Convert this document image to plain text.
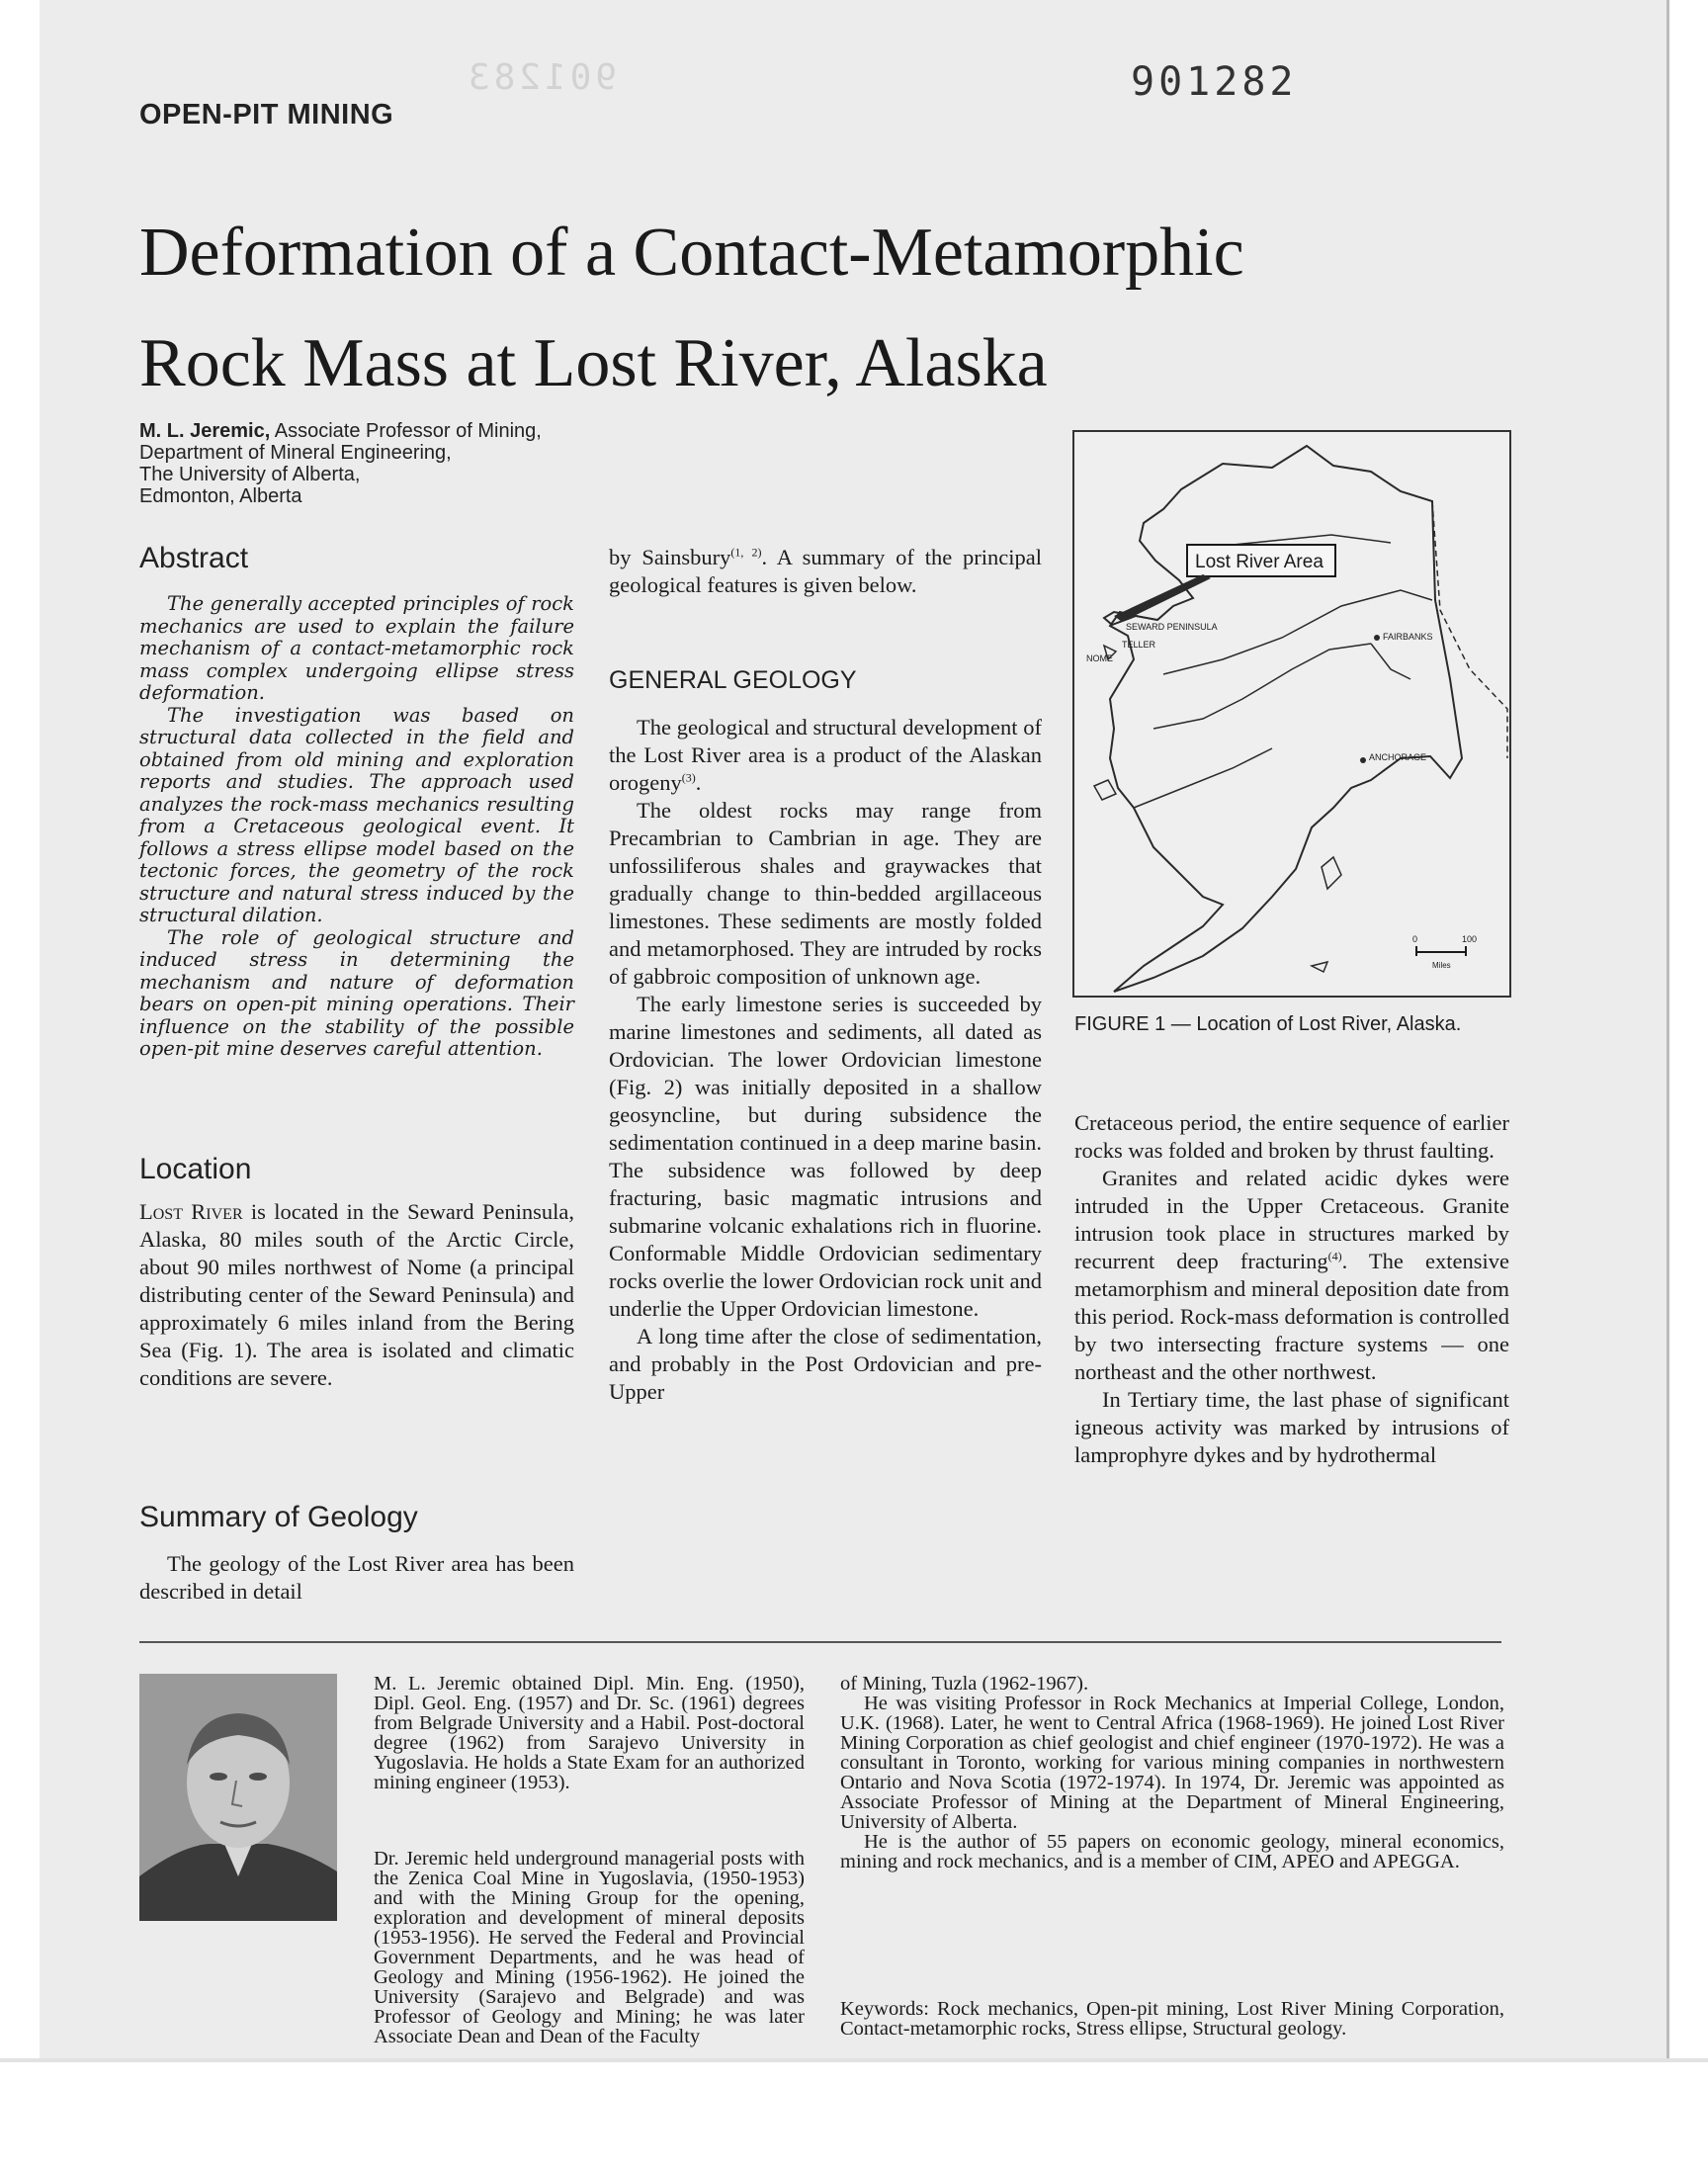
901283
OPEN-PIT MINING
901282
Deformation of a Contact-Metamorphic
Rock Mass at Lost River, Alaska
M. L. Jeremic, Associate Professor of Mining,
Department of Mineral Engineering,
The University of Alberta,
Edmonton, Alberta
Abstract

The generally accepted principles of rock mechanics are used to explain the failure mechanism of a contact-metamorphic rock mass complex undergoing ellipse stress deformation.

The investigation was based on structural data collected in the field and obtained from old mining and exploration reports and studies. The approach used analyzes the rock-mass mechanics resulting from a Cretaceous geological event. It follows a stress ellipse model based on the tectonic forces, the geometry of the rock structure and natural stress induced by the structural dilation.

The role of geological structure and induced stress in determining the mechanism and nature of deformation bears on open-pit mining operations. Their influence on the stability of the possible open-pit mine deserves careful attention.

Location

Lost River is located in the Seward Peninsula, Alaska, 80 miles south of the Arctic Circle, about 90 miles northwest of Nome (a principal distributing center of the Seward Peninsula) and approximately 6 miles inland from the Bering Sea (Fig. 1). The area is isolated and climatic conditions are severe.

Summary of Geology

The geology of the Lost River area has been described in detail

by Sainsbury$^{(1, 2)}$. A summary of the principal geological features is given below.

GENERAL GEOLOGY

The geological and structural development of the Lost River area is a product of the Alaskan orogeny$^{(3)}$.

The oldest rocks may range from Precambrian to Cambrian in age. They are unfossiliferous shales and graywackes that gradually change to thin-bedded argillaceous limestones. These sediments are mostly folded and metamorphosed. They are intruded by rocks of gabbroic composition of unknown age.

The early limestone series is succeeded by marine limestones and sediments, all dated as Ordovician. The lower Ordovician limestone (Fig. 2) was initially deposited in a shallow geosyncline, but during subsidence the sedimentation continued in a deep marine basin. The subsidence was followed by deep fracturing, basic magmatic intrusions and submarine volcanic exhalations rich in fluorine. Conformable Middle Ordovician sedimentary rocks overlie the lower Ordovician rock unit and underlie the Upper Ordovician limestone.

A long time after the close of sedimentation, and probably in the Post Ordovician and pre-Upper

Lost River Area
SEWARD PENINSULA
TELLER
NOME
FAIRBANKS
ANCHORAGE
0	100
Miles
FIGURE 1 — Location of Lost River, Alaska.

Cretaceous period, the entire sequence of earlier rocks was folded and broken by thrust faulting.

Granites and related acidic dykes were intruded in the Upper Cretaceous. Granite intrusion took place in structures marked by recurrent deep fracturing$^{(4)}$. The extensive metamorphism and mineral deposition date from this period. Rock-mass deformation is controlled by two intersecting fracture systems — one northeast and the other northwest.

In Tertiary time, the last phase of significant igneous activity was marked by intrusions of lamprophyre dykes and by hydrothermal

M. L. Jeremic obtained Dipl. Min. Eng. (1950), Dipl. Geol. Eng. (1957) and Dr. Sc. (1961) degrees from Belgrade University and a Habil. Post-doctoral degree (1962) from Sarajevo University in Yugoslavia. He holds a State Exam for an authorized mining engineer (1953).

Dr. Jeremic held underground managerial posts with the Zenica Coal Mine in Yugoslavia, (1950-1953) and with the Mining Group for the opening, exploration and development of mineral deposits (1953-1956). He served the Federal and Provincial Government Departments, and he was head of Geology and Mining (1956-1962). He joined the University (Sarajevo and Belgrade) and was Professor of Geology and Mining; he was later Associate Dean and Dean of the Faculty

of Mining, Tuzla (1962-1967).

He was visiting Professor in Rock Mechanics at Imperial College, London, U.K. (1968). Later, he went to Central Africa (1968-1969). He joined Lost River Mining Corporation as chief geologist and chief engineer (1970-1972). He was a consultant in Toronto, working for various mining companies in northwestern Ontario and Nova Scotia (1972-1974). In 1974, Dr. Jeremic was appointed as Associate Professor of Mining at the Department of Mineral Engineering, University of Alberta.

He is the author of 55 papers on economic geology, mineral economics, mining and rock mechanics, and is a member of CIM, APEO and APEGGA.

Keywords: Rock mechanics, Open-pit mining, Lost River Mining Corporation, Contact-metamorphic rocks, Stress ellipse, Structural geology.
